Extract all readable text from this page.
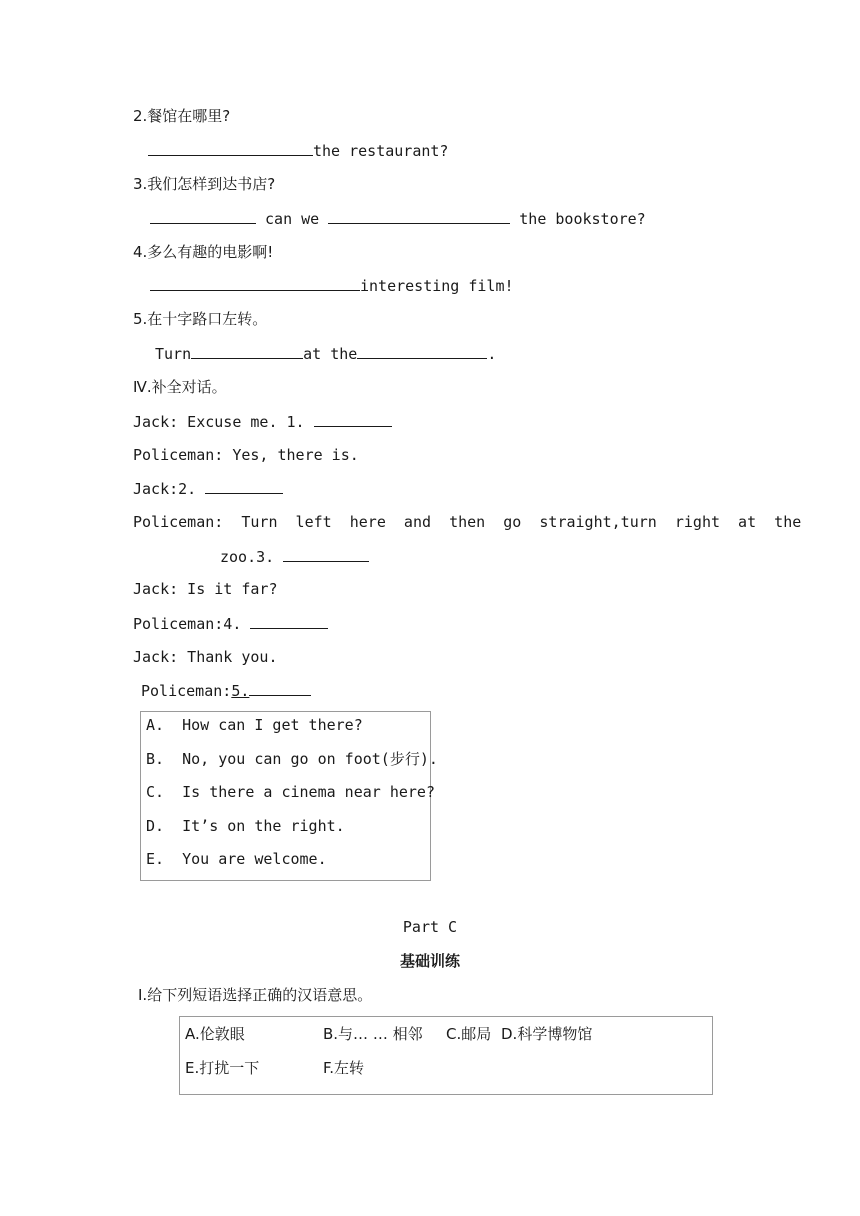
2.餐馆在哪里?
the restaurant?
3.我们怎样到达书店?
can we	the bookstore?
4.多么有趣的电影啊!
interesting film!
5.在十字路口左转。
Turn	at the	.
Ⅳ.补全对话。
Jack: Excuse me. 1.
Policeman: Yes, there is.
Jack:2.
Policeman:  Turn  left  here  and  then  go  straight,turn  right  at  the
zoo.3.
Jack: Is it far?
Policeman:4.
Jack: Thank you.
Policeman:5.
A.  How can I get there?
B.  No, you can go on foot(步行).
C.  Is there a cinema near here?
D.  It’s on the right.
E.  You are welcome.
Part C
基础训练
Ⅰ.给下列短语选择正确的汉语意思。
A.伦敦眼	B.与… … 相邻 C.邮局 D.科学博物馆
E.打扰一下	F.左转
